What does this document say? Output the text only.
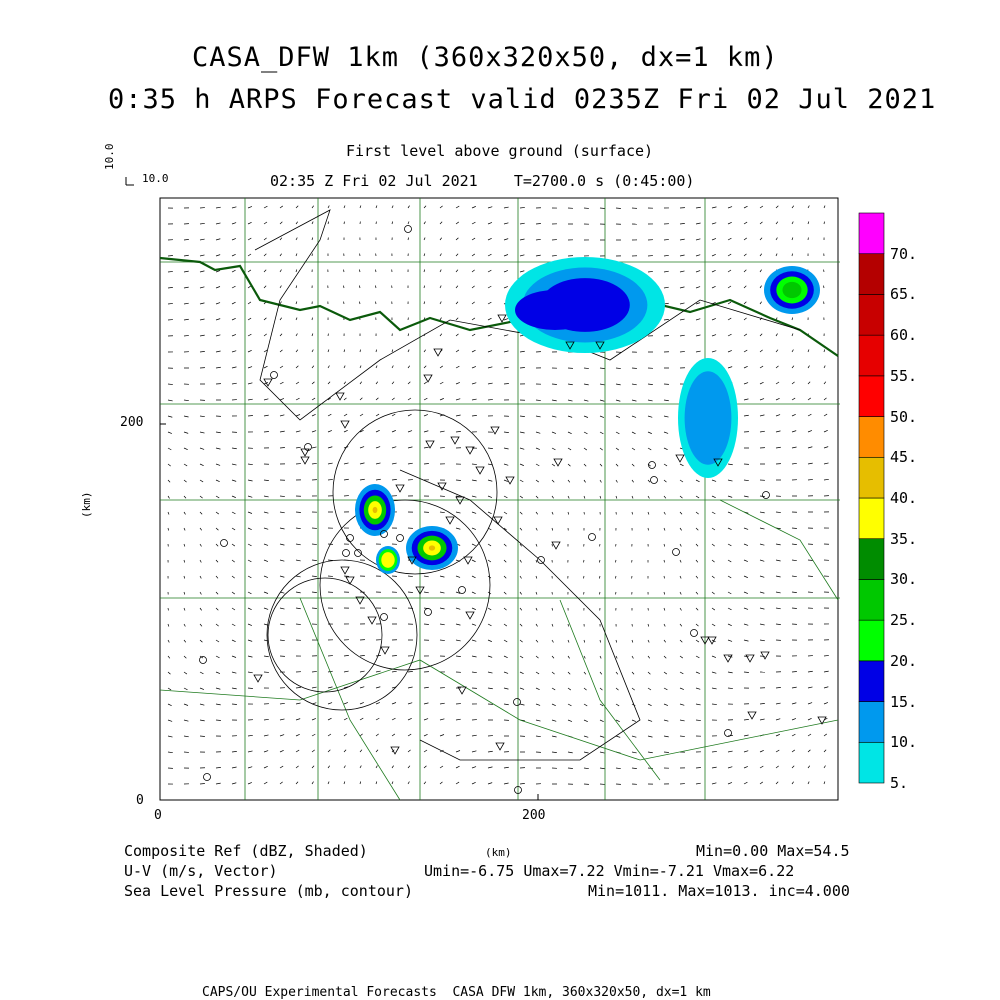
CASA_DFW 1km (360x320x50, dx=1 km)
0:35 h ARPS Forecast valid 0235Z Fri 02 Jul 2021
First level above ground (surface)
02:35 Z Fri 02 Jul 2021    T=2700.0 s (0:45:00)
10.0
10.0
200
0
0	200
(km)
5.
10.
15.
20.
25.
30.
35.
40.
45.
50.
55.
60.
65.
70.
Composite Ref (dBZ, Shaded)	Min=0.00 Max=54.5
(km)
U-V (m/s, Vector)	Umin=-6.75 Umax=7.22 Vmin=-7.21 Vmax=6.22
Sea Level Pressure (mb, contour)	Min=1011. Max=1013. inc=4.000
CAPS/OU Experimental Forecasts  CASA DFW 1km, 360x320x50, dx=1 km
